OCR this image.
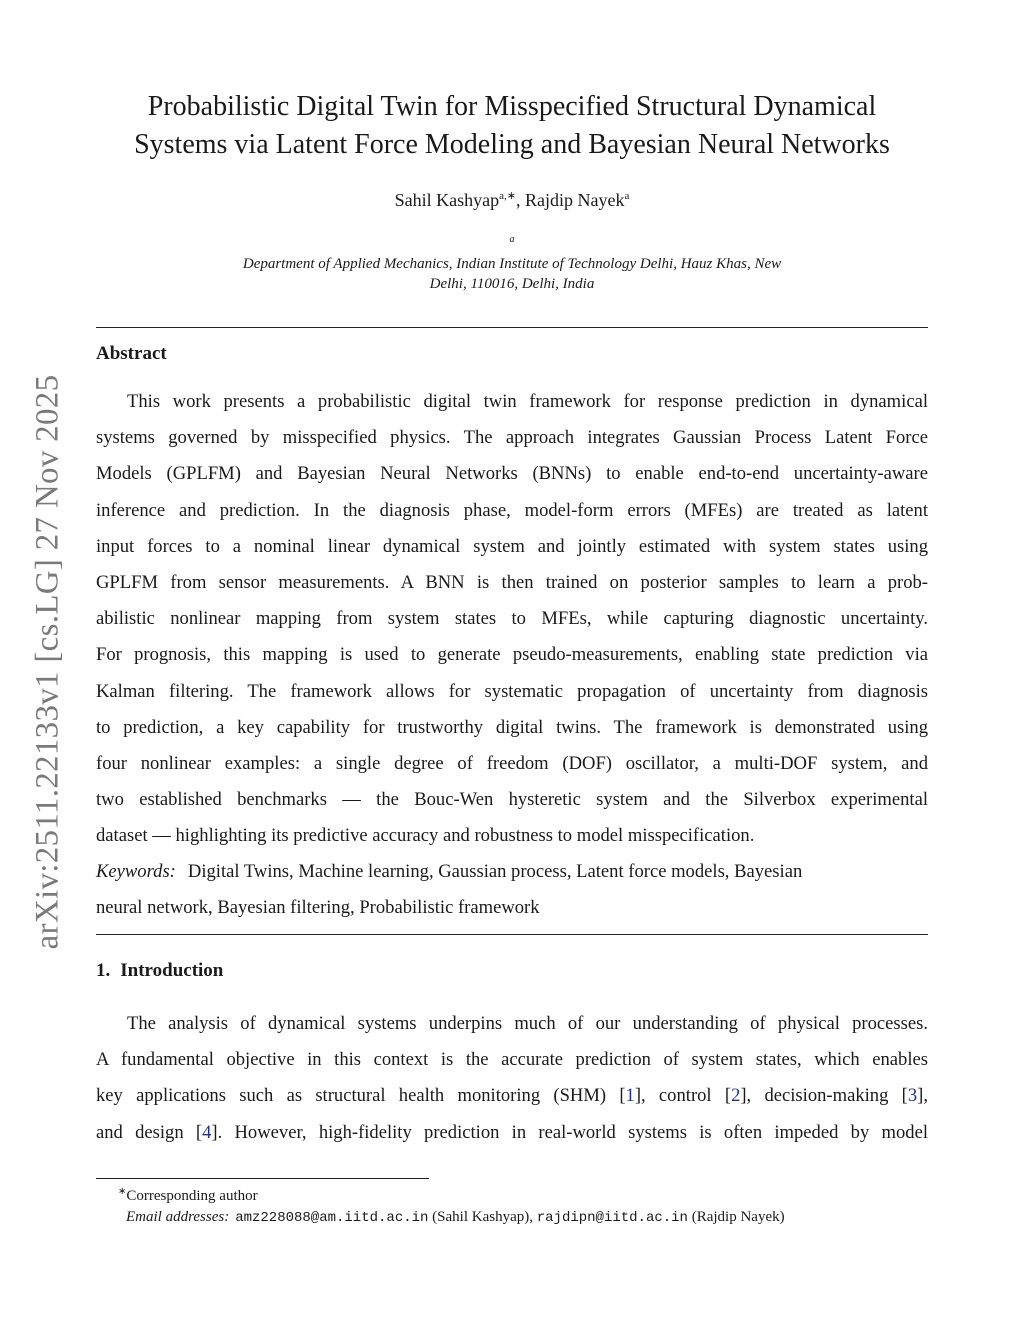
arXiv:2511.22133v1 [cs.LG] 27 Nov 2025
Probabilistic Digital Twin for Misspecified Structural Dynamical
Systems via Latent Force Modeling and Bayesian Neural Networks
Sahil Kashyap$^{a,∗}$, Rajdip Nayek$^a$
$^a$
Department of Applied Mechanics, Indian Institute of Technology Delhi, Hauz Khas, New
Delhi, 110016, Delhi, India
Abstract
This work presents a probabilistic digital twin framework for response prediction in dynamical
systems governed by misspecified physics. The approach integrates Gaussian Process Latent Force
Models (GPLFM) and Bayesian Neural Networks (BNNs) to enable end-to-end uncertainty-aware
inference and prediction. In the diagnosis phase, model-form errors (MFEs) are treated as latent
input forces to a nominal linear dynamical system and jointly estimated with system states using
GPLFM from sensor measurements. A BNN is then trained on posterior samples to learn a prob-
abilistic nonlinear mapping from system states to MFEs, while capturing diagnostic uncertainty.
For prognosis, this mapping is used to generate pseudo-measurements, enabling state prediction via
Kalman filtering. The framework allows for systematic propagation of uncertainty from diagnosis
to prediction, a key capability for trustworthy digital twins. The framework is demonstrated using
four nonlinear examples: a single degree of freedom (DOF) oscillator, a multi-DOF system, and
two established benchmarks — the Bouc-Wen hysteretic system and the Silverbox experimental
dataset — highlighting its predictive accuracy and robustness to model misspecification.
Keywords: Digital Twins, Machine learning, Gaussian process, Latent force models, Bayesian
neural network, Bayesian filtering, Probabilistic framework
1. Introduction
The analysis of dynamical systems underpins much of our understanding of physical processes.
A fundamental objective in this context is the accurate prediction of system states, which enables
key applications such as structural health monitoring (SHM) [1], control [2], decision-making [3],
and design [4]. However, high-fidelity prediction in real-world systems is often impeded by model
∗Corresponding author
Email addresses: amz228088@am.iitd.ac.in (Sahil Kashyap), rajdipn@iitd.ac.in (Rajdip Nayek)
